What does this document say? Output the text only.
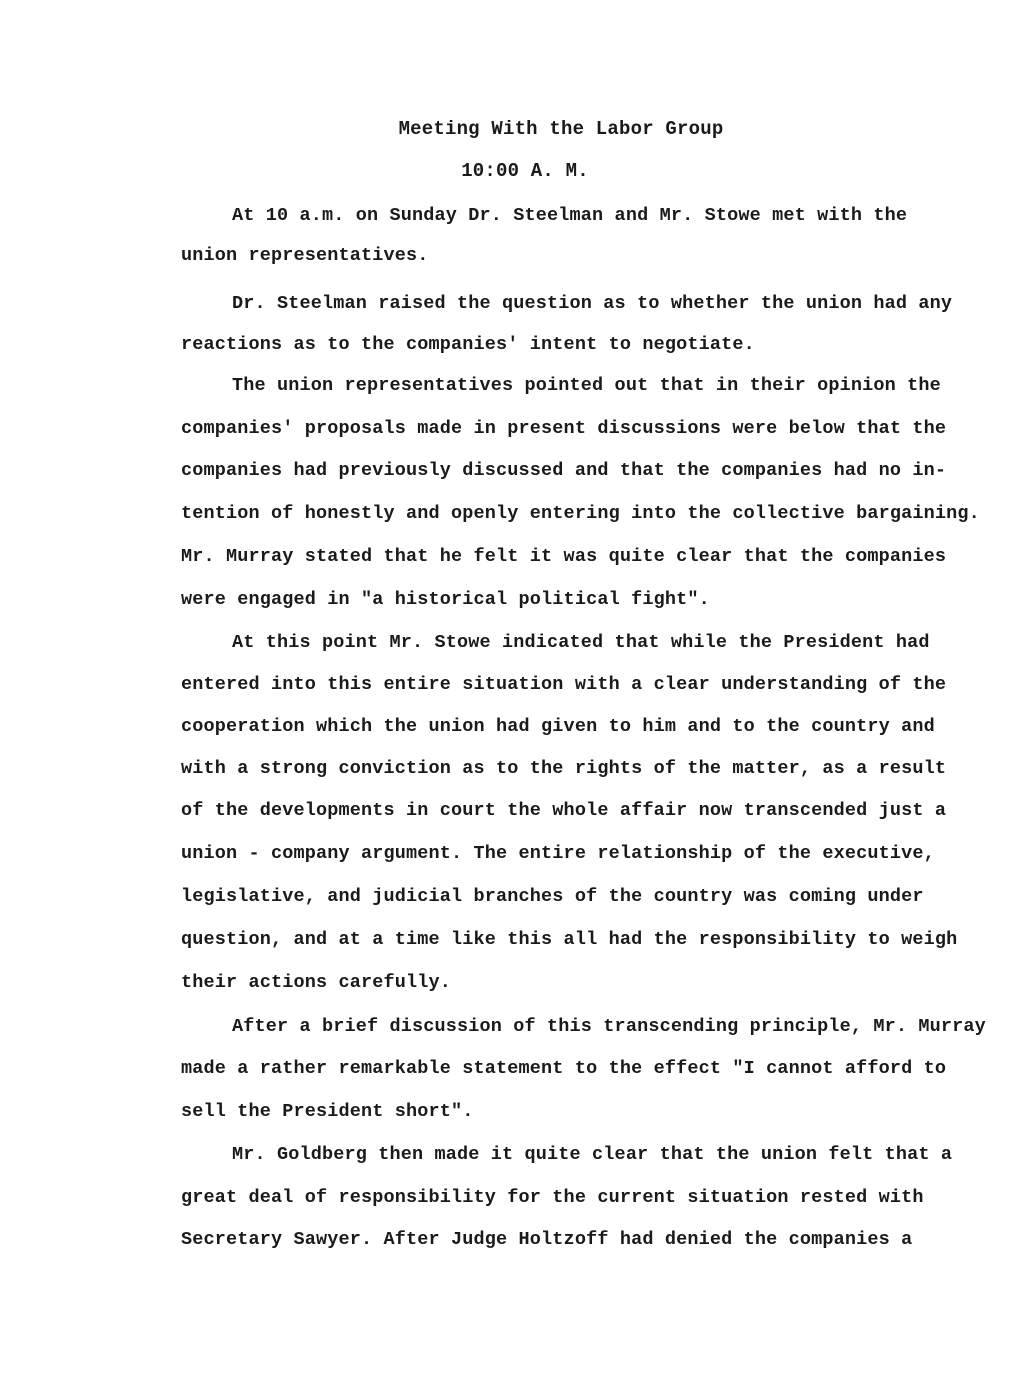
Meeting With the Labor Group
10:00 A. M.
At 10 a.m. on Sunday Dr. Steelman and Mr. Stowe met with the
union representatives.
Dr. Steelman raised the question as to whether the union had any
reactions as to the companies' intent to negotiate.
The union representatives pointed out that in their opinion the
companies' proposals made in present discussions were below that the
companies had previously discussed and that the companies had no in-
tention of honestly and openly entering into the collective bargaining.
Mr. Murray stated that he felt it was quite clear that the companies
were engaged in "a historical political fight".
At this point Mr. Stowe indicated that while the President had
entered into this entire situation with a clear understanding of the
cooperation which the union had given to him and to the country and
with a strong conviction as to the rights of the matter, as a result
of the developments in court the whole affair now transcended just a
union - company argument. The entire relationship of the executive,
legislative, and judicial branches of the country was coming under
question, and at a time like this all had the responsibility to weigh
their actions carefully.
After a brief discussion of this transcending principle, Mr. Murray
made a rather remarkable statement to the effect "I cannot afford to
sell the President short".
Mr. Goldberg then made it quite clear that the union felt that a
great deal of responsibility for the current situation rested with
Secretary Sawyer. After Judge Holtzoff had denied the companies a
